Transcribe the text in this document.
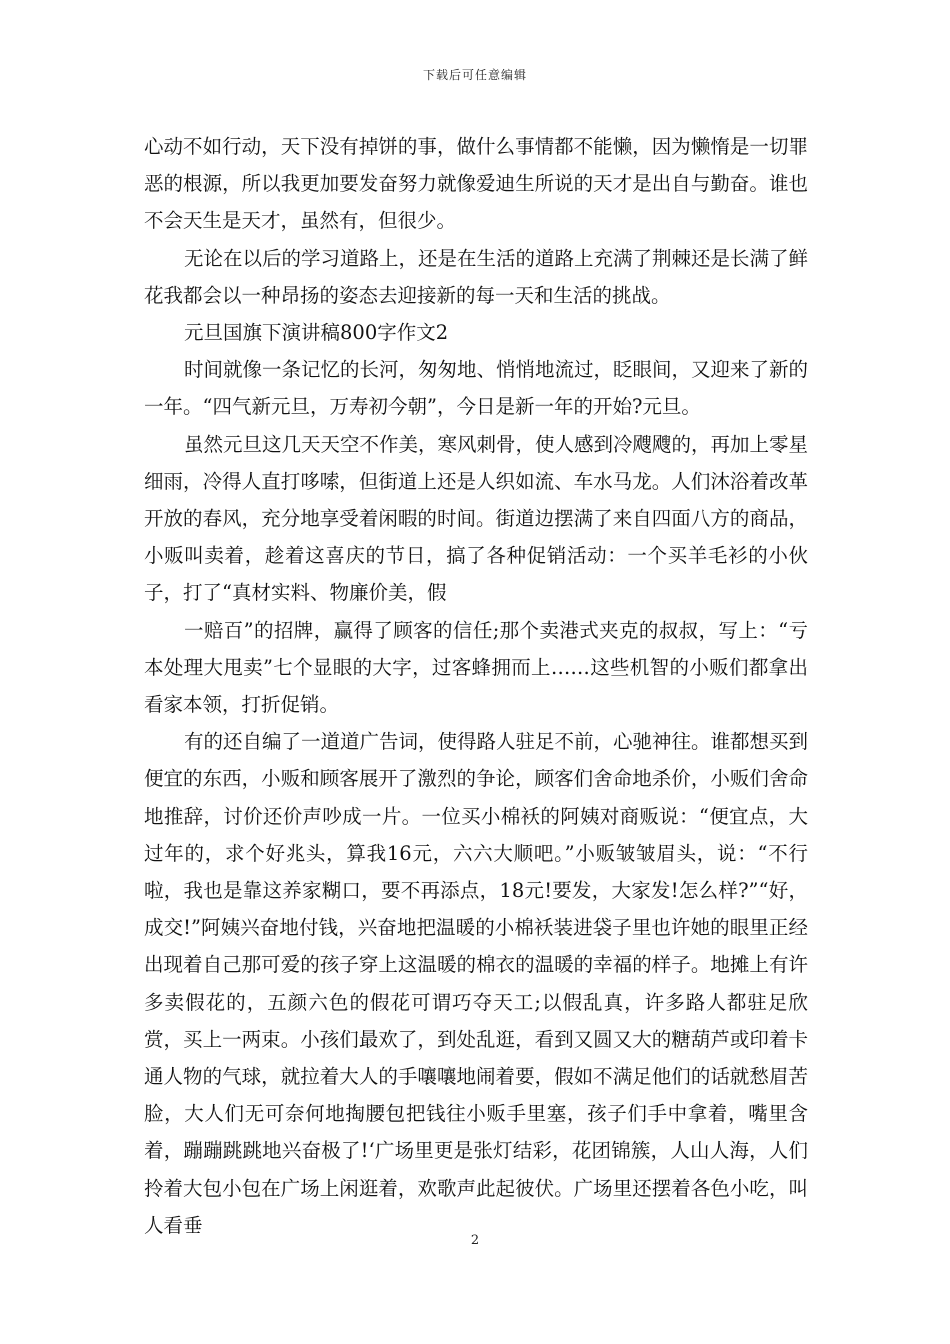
下载后可任意编辑

心动不如行动，天下没有掉饼的事，做什么事情都不能懒，因为懒惰是一切罪恶的根源，所以我更加要发奋努力就像爱迪生所说的天才是出自与勤奋。谁也不会天生是天才，虽然有，但很少。

无论在以后的学习道路上，还是在生活的道路上充满了荆棘还是长满了鲜花我都会以一种昂扬的姿态去迎接新的每一天和生活的挑战。

元旦国旗下演讲稿800字作文2

时间就像一条记忆的长河，匆匆地、悄悄地流过，眨眼间，又迎来了新的一年。“四气新元旦，万寿初今朝”，今日是新一年的开始?元旦。

虽然元旦这几天天空不作美，寒风刺骨，使人感到冷飕飕的，再加上零星细雨，冷得人直打哆嗦，但街道上还是人织如流、车水马龙。人们沐浴着改革开放的春风，充分地享受着闲暇的时间。街道边摆满了来自四面八方的商品，小贩叫卖着，趁着这喜庆的节日，搞了各种促销活动：一个买羊毛衫的小伙子，打了“真材实料、物廉价美，假

一赔百”的招牌，赢得了顾客的信任;那个卖港式夹克的叔叔，写上：“亏本处理大甩卖”七个显眼的大字，过客蜂拥而上……这些机智的小贩们都拿出看家本领，打折促销。

有的还自编了一道道广告词，使得路人驻足不前，心驰神往。谁都想买到便宜的东西，小贩和顾客展开了激烈的争论，顾客们舍命地杀价，小贩们舍命地推辞，讨价还价声吵成一片。一位买小棉袄的阿姨对商贩说：“便宜点，大过年的，求个好兆头，算我16元，六六大顺吧。”小贩皱皱眉头，说：“不行啦，我也是靠这养家糊口，要不再添点，18元!要发，大家发!怎么样?”“好，成交!”阿姨兴奋地付钱，兴奋地把温暖的小棉袄装进袋子里也许她的眼里正经出现着自己那可爱的孩子穿上这温暖的棉衣的温暖的幸福的样子。地摊上有许多卖假花的，五颜六色的假花可谓巧夺天工;以假乱真，许多路人都驻足欣赏，买上一两束。小孩们最欢了，到处乱逛，看到又圆又大的糖葫芦或印着卡通人物的气球，就拉着大人的手嚷嚷地闹着要，假如不满足他们的话就愁眉苦脸，大人们无可奈何地掏腰包把钱往小贩手里塞，孩子们手中拿着，嘴里含着，蹦蹦跳跳地兴奋极了!‘广场里更是张灯结彩，花团锦簇，人山人海，人们拎着大包小包在广场上闲逛着，欢歌声此起彼伏。广场里还摆着各色小吃，叫人看垂

2
